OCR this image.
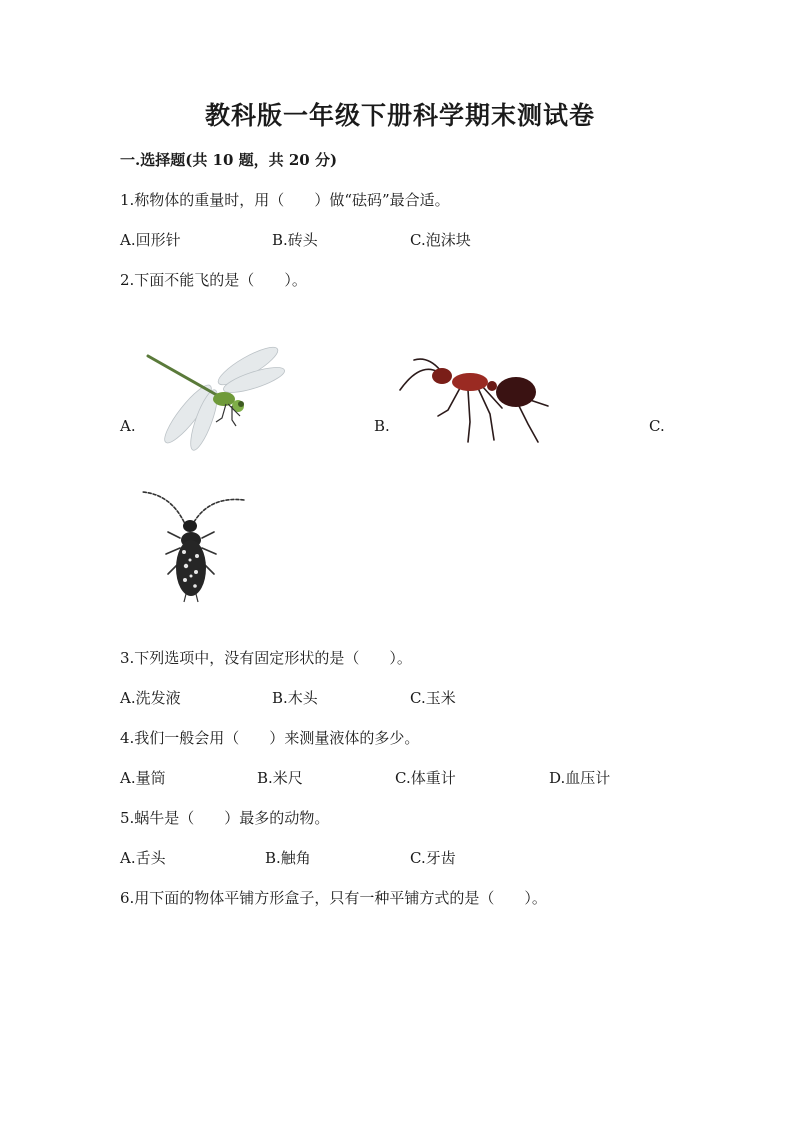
教科版一年级下册科学期末测试卷
一.选择题(共 10 题，共 20 分)
1.称物体的重量时，用（　　）做“砝码”最合适。
A.回形针	B.砖头	C.泡沫块
2.下面不能飞的是（　　）。
A.	B.	C.
3.下列选项中，没有固定形状的是（　　）。
A.洗发液	B.木头	C.玉米
4.我们一般会用（　　）来测量液体的多少。
A.量筒	B.米尺	C.体重计	D.血压计
5.蜗牛是（　　）最多的动物。
A.舌头	B.触角	C.牙齿
6.用下面的物体平铺方形盒子，只有一种平铺方式的是（　　）。
